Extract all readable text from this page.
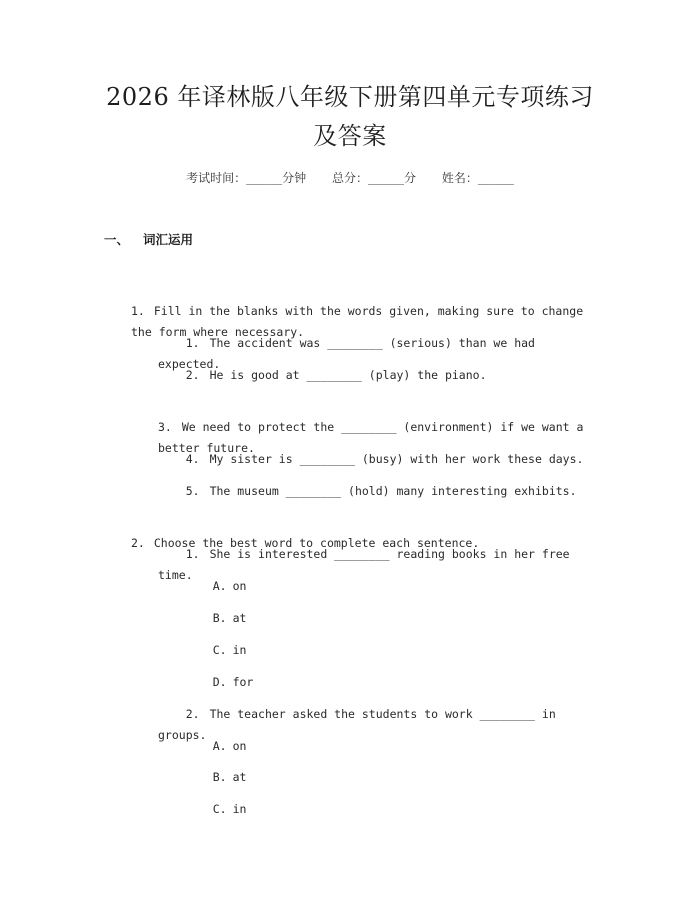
2026 年译林版八年级下册第四单元专项练习
及答案
考试时间：______分钟 总分：______分 姓名：______
一、 词汇运用

1. Fill in the blanks with the words given, making sure to change the form where necessary.

1. The accident was ________ (serious) than we had expected.

2. He is good at ________ (play) the piano.

3. We need to protect the ________ (environment) if we want a better future.

4. My sister is ________ (busy) with her work these days.

5. The museum ________ (hold) many interesting exhibits.

2. Choose the best word to complete each sentence.

1. She is interested ________ reading books in her free time.

A. on

B. at

C. in

D. for

2. The teacher asked the students to work ________ in groups.

A. on

B. at

C. in
